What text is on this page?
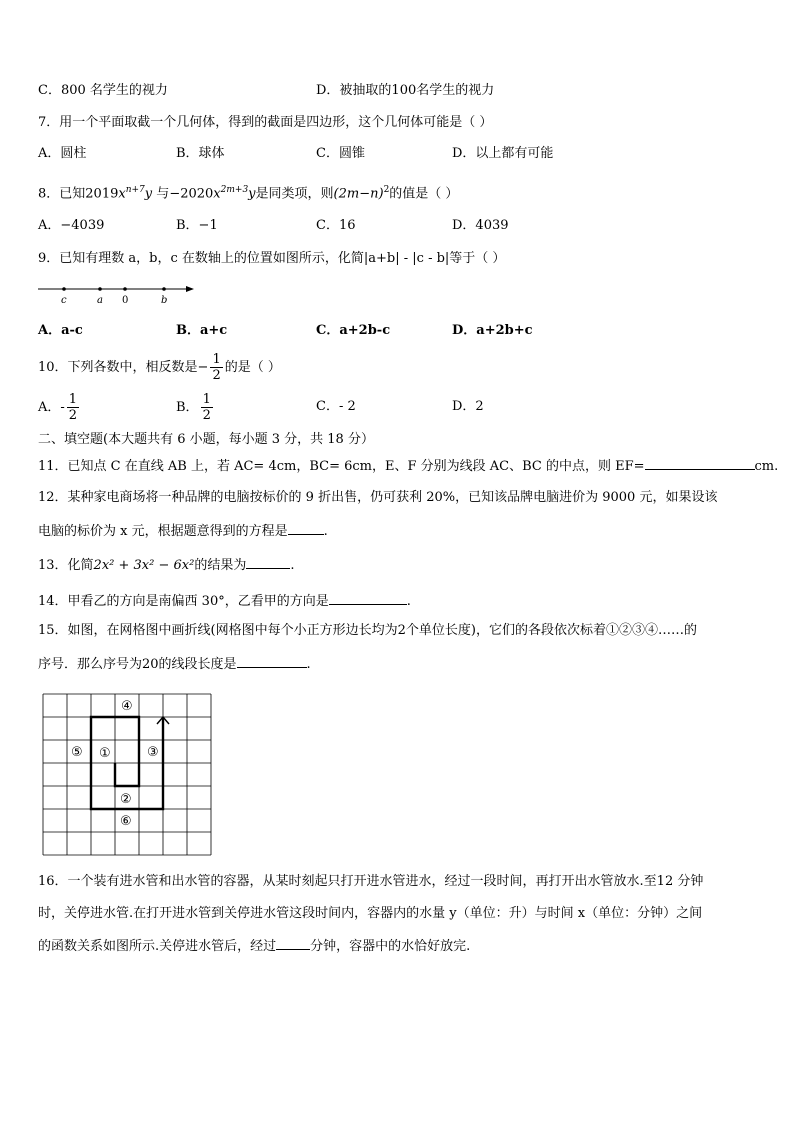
C．800 名学生的视力	D．被抽取的100名学生的视力
7．用一个平面取截一个几何体，得到的截面是四边形，这个几何体可能是（ ）
A．圆柱	B．球体	C．圆锥	D．以上都有可能
8．已知$2019x^{n+7}y$ 与$-2020x^{2m+3}y$是同类项，则$(2m-n)^2$的值是（ ）
A．−4039	B．−1	C．16	D．4039
9．已知有理数 a，b，c 在数轴上的位置如图所示，化简|a+b| - |c - b|等于（ ）
c	a 0	b
A．a-c	B．a+c	C．a+2b-c	D．a+2b+c
10．下列各数中，相反数是− $\frac{1}{2}$ 的是（ ）
A．- $\frac{1}{2}$	B． $\frac{1}{2}$	C．- 2	D．2
二、填空题(本大题共有 6 小题，每小题 3 分，共 18 分）
11．已知点 C 在直线 AB 上，若 AC= 4cm，BC= 6cm，E、F 分别为线段 AC、BC 的中点，则 EF=	cm.
12．某种家电商场将一种品牌的电脑按标价的 9 折出售，仍可获利 20%，已知该品牌电脑进价为 9000 元，如果设该
电脑的标价为 x 元，根据题意得到的方程是	.
13．化简2x² + 3x² − 6x²的结果为	.
14．甲看乙的方向是南偏西 30°，乙看甲的方向是	.
15．如图，在网格图中画折线(网格图中每个小正方形边长均为2个单位长度)，它们的各段依次标着①②③④……的
序号．那么序号为20的线段长度是	.
④
⑤ ①	③
②
⑥
16．一个装有进水管和出水管的容器，从某时刻起只打开进水管进水，经过一段时间，再打开出水管放水.至12 分钟
时，关停进水管.在打开进水管到关停进水管这段时间内，容器内的水量 y（单位：升）与时间 x（单位：分钟）之间
的函数关系如图所示.关停进水管后，经过	分钟，容器中的水恰好放完.
